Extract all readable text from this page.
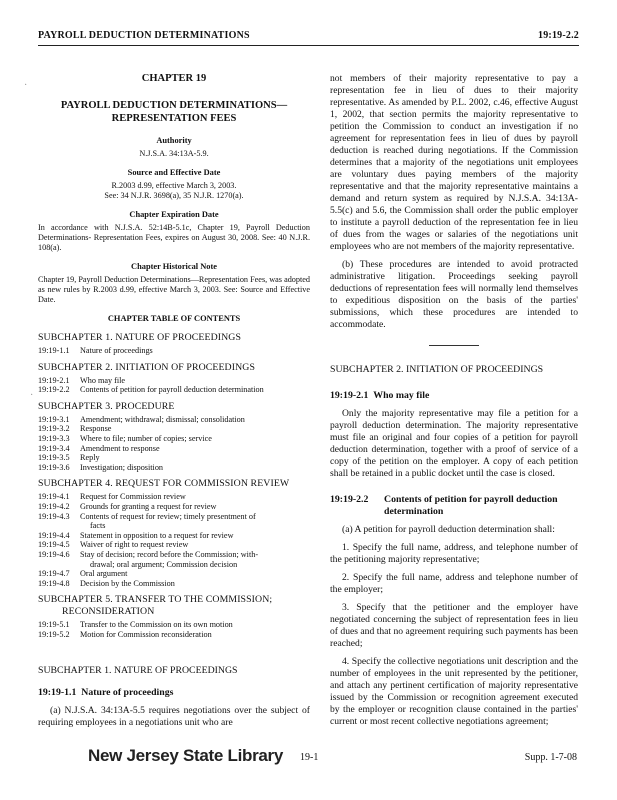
PAYROLL DEDUCTION DETERMINATIONS	19:19-2.2
·
·
CHAPTER 19
PAYROLL DEDUCTION DETERMINATIONS—
REPRESENTATION FEES
Authority
N.J.S.A. 34:13A-5.9.
Source and Effective Date
R.2003 d.99, effective March 3, 2003.
See: 34 N.J.R. 3698(a), 35 N.J.R. 1270(a).
Chapter Expiration Date
In accordance with N.J.S.A. 52:14B-5.1c, Chapter 19, Payroll Deduction Determinations- Representation Fees, expires on August 30, 2008. See: 40 N.J.R. 108(a).
Chapter Historical Note
Chapter 19, Payroll Deduction Determinations—Representation Fees, was adopted as new rules by R.2003 d.99, effective March 3, 2003. See: Source and Effective Date.
CHAPTER TABLE OF CONTENTS
SUBCHAPTER 1. NATURE OF PROCEEDINGS
19:19-1.1	Nature of proceedings
SUBCHAPTER 2. INITIATION OF PROCEEDINGS
19:19-2.1	Who may file
19:19-2.2	Contents of petition for payroll deduction determination
SUBCHAPTER 3. PROCEDURE
19:19-3.1	Amendment; withdrawal; dismissal; consolidation
19:19-3.2	Response
19:19-3.3	Where to file; number of copies; service
19:19-3.4	Amendment to response
19:19-3.5	Reply
19:19-3.6	Investigation; disposition
SUBCHAPTER 4. REQUEST FOR COMMISSION REVIEW
19:19-4.1	Request for Commission review
19:19-4.2	Grounds for granting a request for review
19:19-4.3	Contents of request for review; timely presentment of
facts
19:19-4.4	Statement in opposition to a request for review
19:19-4.5	Waiver of right to request review
19:19-4.6	Stay of decision; record before the Commission; with-
drawal; oral argument; Commission decision
19:19-4.7	Oral argument
19:19-4.8	Decision by the Commission
SUBCHAPTER 5. TRANSFER TO THE COMMISSION;
RECONSIDERATION
19:19-5.1	Transfer to the Commission on its own motion
19:19-5.2	Motion for Commission reconsideration
SUBCHAPTER 1. NATURE OF PROCEEDINGS
19:19-1.1 Nature of proceedings

(a) N.J.S.A. 34:13A-5.5 requires negotiations over the subject of requiring employees in a negotiations unit who are

not members of their majority representative to pay a representation fee in lieu of dues to their majority representative. As amended by P.L. 2002, c.46, effective August 1, 2002, that section permits the majority representative to petition the Commission to conduct an investigation if no agreement for representation fees in lieu of dues by payroll deduction is reached during negotiations. If the Commission determines that a majority of the negotiations unit employees are voluntary dues paying members of the majority representative and that the majority representative maintains a demand and return system as required by N.J.S.A. 34:13A-5.5(c) and 5.6, the Commission shall order the public employer to institute a payroll deduction of the representation fee in lieu of dues from the wages or salaries of the negotiations unit employees who are not members of the majority representative.

(b) These procedures are intended to avoid protracted administrative litigation. Proceedings seeking payroll deductions of representation fees will normally lend themselves to expeditious disposition on the basis of the parties' submissions, which these procedures are intended to accommodate.

SUBCHAPTER 2. INITIATION OF PROCEEDINGS
19:19-2.1 Who may file

Only the majority representative may file a petition for a payroll deduction determination. The majority representative must file an original and four copies of a petition for payroll deduction determination, together with a proof of service of a copy of the petition on the employer. A copy of each petition shall be retained in a public docket until the case is closed.

19:19-2.2	Contents of petition for payroll deduction
determination

(a) A petition for payroll deduction determination shall:

1. Specify the full name, address, and telephone number of the petitioning majority representative;

2. Specify the full name, address and telephone number of the employer;

3. Specify that the petitioner and the employer have negotiated concerning the subject of representation fees in lieu of dues and that no agreement requiring such payments has been reached;

4. Specify the collective negotiations unit description and the number of employees in the unit represented by the petitioner, and attach any pertinent certification of majority representative issued by the Commission or recognition agreement executed by the employer or recognition clause contained in the parties' current or most recent collective negotiations agreement;

New Jersey State Library 19-1	Supp. 1-7-08
